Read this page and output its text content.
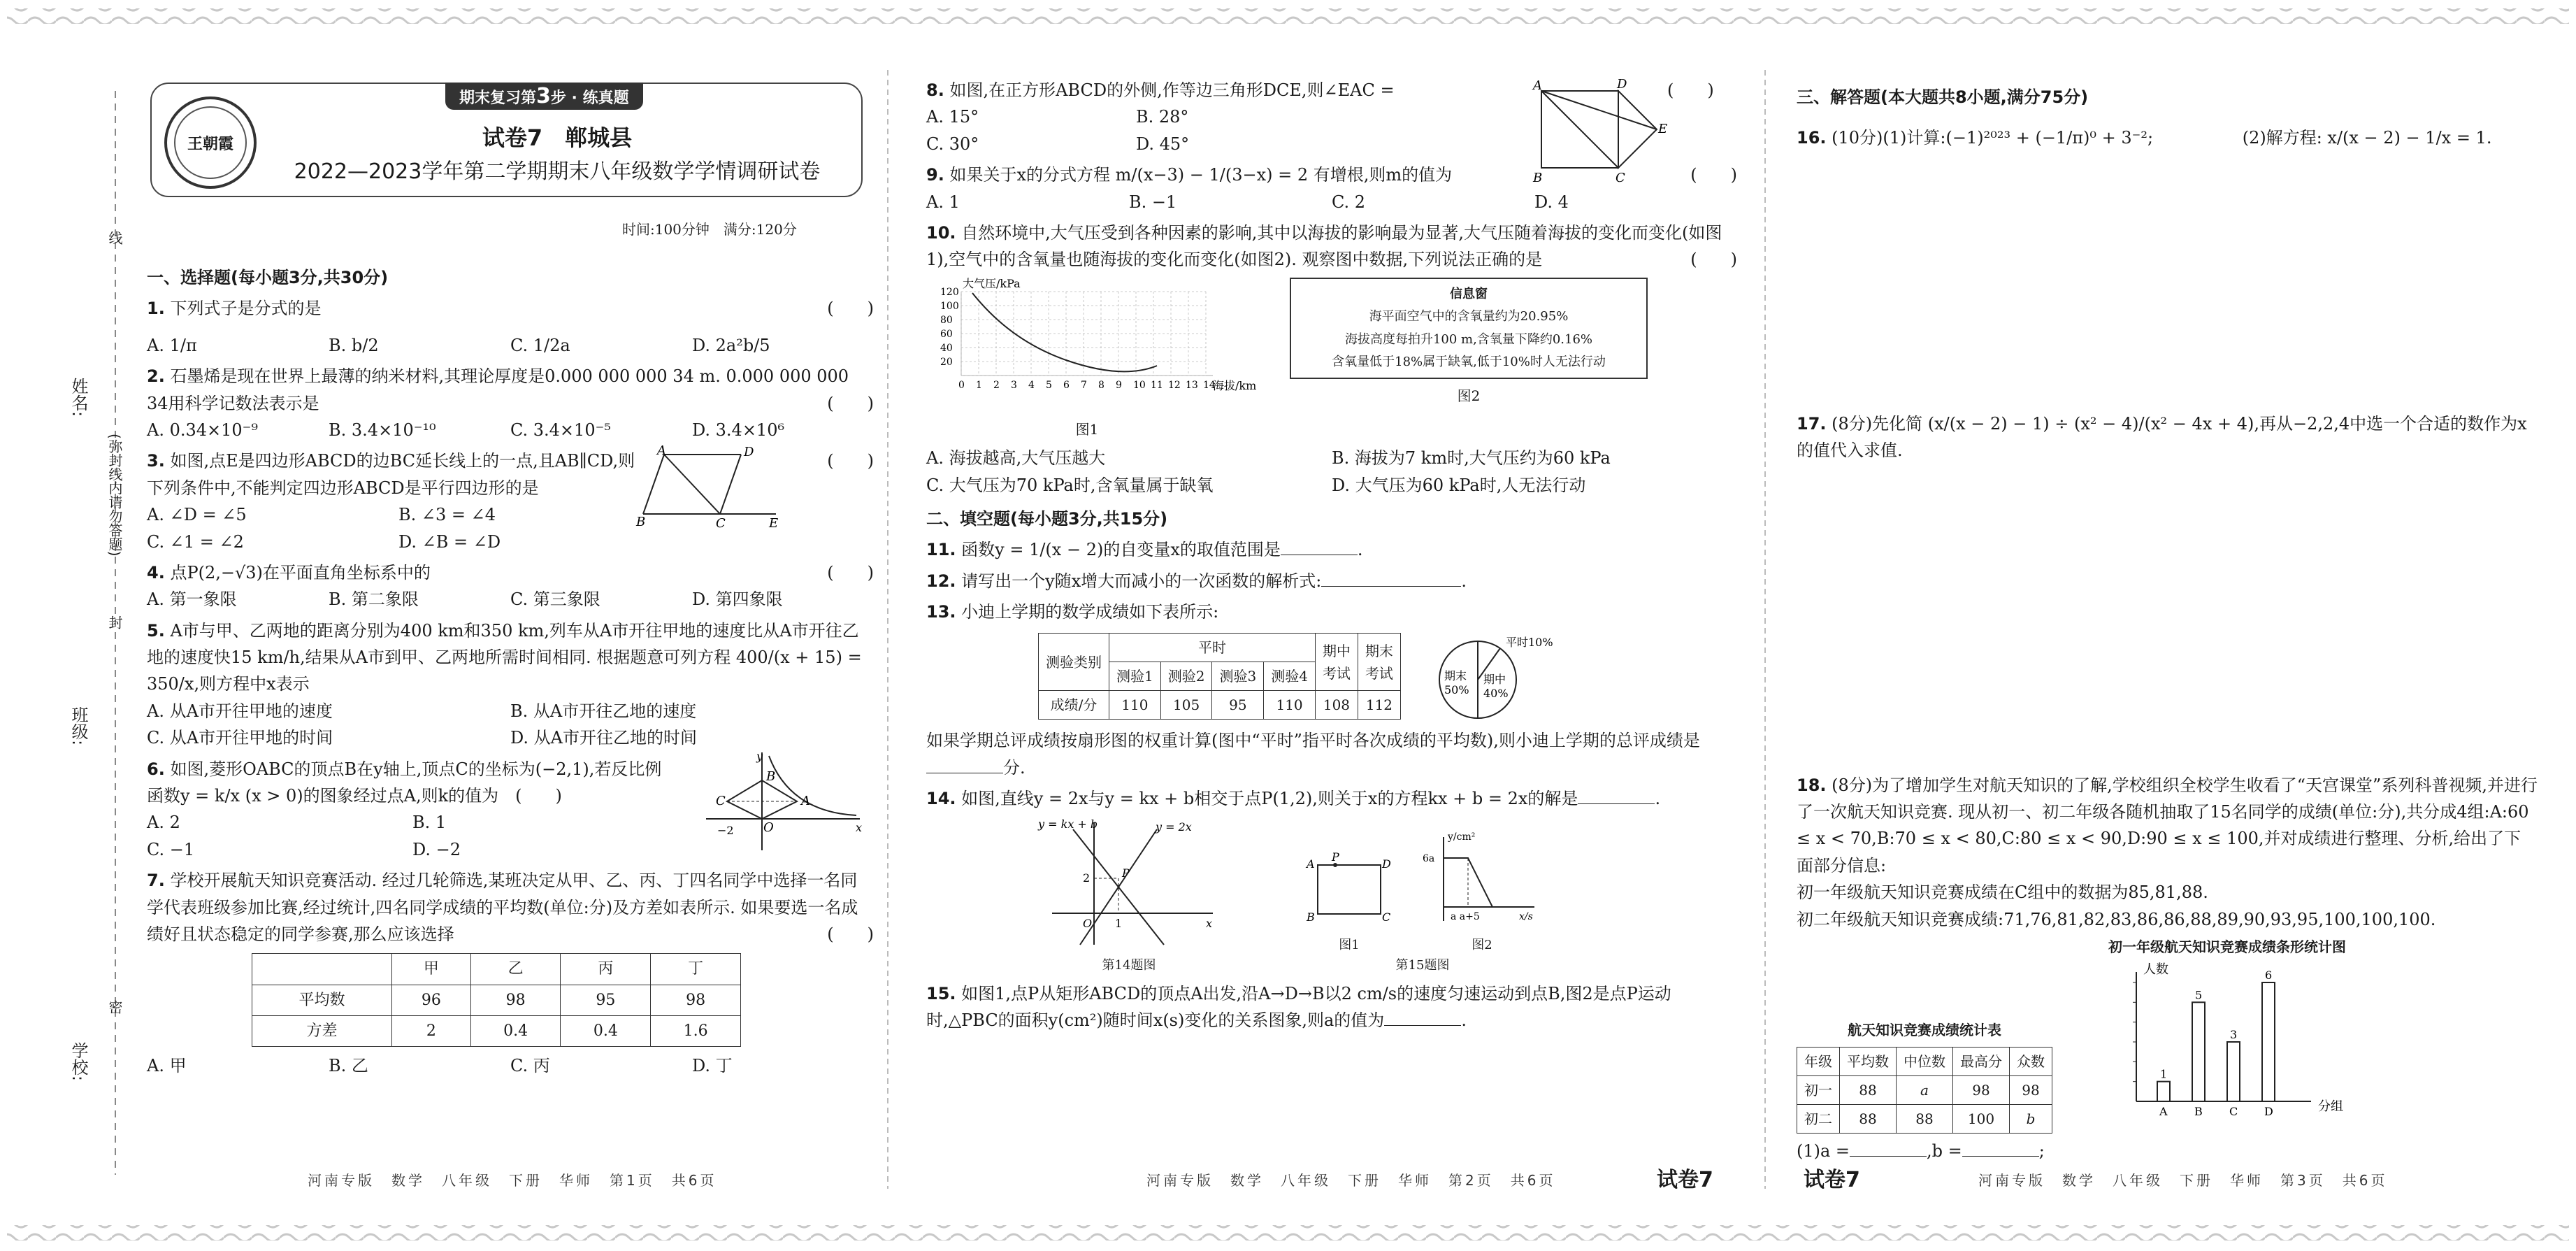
姓名:
班级:
学校:
(弥封线内请勿答题)
线
封
密
王朝霞
期末复习第3步 · 练真题
试卷7　郸城县
2022—2023学年第二学期期末八年级数学学情调研试卷
时间:100分钟　满分:120分
一、选择题(每小题3分,共30分)
1. 下列式子是分式的是	(　　)
A. 1/π	B. b/2	C. 1/2a	D. 2a²b/5
2. 石墨烯是现在世界上最薄的纳米材料,其理论厚度是0.000 000 000 34 m. 0.000 000 000 34用科学记数法表示是	(　　)
A. 0.34×10⁻⁹	B. 3.4×10⁻¹⁰	C. 3.4×10⁻⁵	D. 3.4×10⁶
3. 如图,点E是四边形ABCD的边BC延长线上的一点,且AB∥CD,则下列条件中,不能判定四边形ABCD是平行四边形的是
(　　)
A. ∠D = ∠5	B. ∠3 = ∠4
C. ∠1 = ∠2	D. ∠B = ∠D
A	D
B	C	E
4. 点P(2,−√3)在平面直角坐标系中的	(　　)
A. 第一象限	B. 第二象限	C. 第三象限	D. 第四象限
5. A市与甲、乙两地的距离分别为400 km和350 km,列车从A市开往甲地的速度比从A市开往乙地的速度快15 km/h,结果从A市到甲、乙两地所需时间相同. 根据题意可列方程 400/(x + 15) = 350/x,则方程中x表示
A. 从A市开往甲地的速度	B. 从A市开往乙地的速度
C. 从A市开往甲地的时间	D. 从A市开往乙地的时间
6. 如图,菱形OABC的顶点B在y轴上,顶点C的坐标为(−2,1),若反比例函数y = k/x (x > 0)的图象经过点A,则k的值为　 (　　)
A. 2	B. 1
C. −1	D. −2
C
B
A
O
−2
y
x
7. 学校开展航天知识竞赛活动. 经过几轮筛选,某班决定从甲、乙、丙、丁四名同学中选择一名同学代表班级参加比赛,经过统计,四名同学成绩的平均数(单位:分)及方差如表所示. 如果要选一名成绩好且状态稳定的同学参赛,那么应该选择	(　　)
	甲	乙	丙	丁
平均数	96	98	95	98
方差	2	0.4	0.4	1.6
A. 甲	B. 乙	C. 丙	D. 丁
8. 如图,在正方形ABCD的外侧,作等边三角形DCE,则∠EAC =	(　　)
A. 15°	B. 28°
C. 30°	D. 45°
A	D
B	C
E
9. 如果关于x的分式方程 m/(x−3) − 1/(3−x) = 2 有增根,则m的值为	(　　)
A. 1	B. −1	C. 2	D. 4
10. 自然环境中,大气压受到各种因素的影响,其中以海拔的影响最为显著,大气压随着海拔的变化而变化(如图1),空气中的含氧量也随海拔的变化而变化(如图2). 观察图中数据,下列说法正确的是	(　　)
大气压/kPa
海拔/km
0 1 2 3 4 5 6 7 8 9 10 11 12 13 14
20
40
60
80
100
120
图1
信息窗
海平面空气中的含氧量约为20.95%
海拔高度每拍升100 m,含氧量下降约0.16%
含氧量低于18%属于缺氧,低于10%时人无法行动
图2
A. 海拔越高,大气压越大	B. 海拔为7 km时,大气压约为60 kPa
C. 大气压为70 kPa时,含氧量属于缺氧	D. 大气压为60 kPa时,人无法行动
二、填空题(每小题3分,共15分)
11. 函数y = 1/(x − 2)的自变量x的取值范围是	.
12. 请写出一个y随x增大而减小的一次函数的解析式:	.
13. 小迪上学期的数学成绩如下表所示:
测验类别	平时				期中考试	期末考试
	测验1	测验2	测验3	测验4		
成绩/分	110	105	95	110	108	112
平时10%
期末
50%
期中
40%
如果学期总评成绩按扇形图的权重计算(图中“平时”指平时各次成绩的平均数),则小迪上学期的总评成绩是分.
14. 如图,直线y = 2x与y = kx + b相交于点P(1,2),则关于x的方程kx + b = 2x的解是	.
y = kx + b	y = 2x
P
2
1
O	x
第14题图
A
P
D
B	C
图1
y/cm²
6a
a a+5	x/s
图2
第15题图
15. 如图1,点P从矩形ABCD的顶点A出发,沿A→D→B以2 cm/s的速度匀速运动到点B,图2是点P运动时,△PBC的面积y(cm²)随时间x(s)变化的关系图象,则a的值为	.
三、解答题(本大题共8小题,满分75分)
16. (10分)(1)计算:(−1)²⁰²³ + (−1/π)⁰ + 3⁻²;	(2)解方程: x/(x − 2) − 1/x = 1.
17. (8分)先化简 (x/(x − 2) − 1) ÷ (x² − 4)/(x² − 4x + 4),再从−2,2,4中选一个合适的数作为x的值代入求值.
18. (8分)为了增加学生对航天知识的了解,学校组织全校学生收看了“天宫课堂”系列科普视频,并进行了一次航天知识竞赛. 现从初一、初二年级各随机抽取了15名同学的成绩(单位:分),共分成4组:A:60 ≤ x < 70,B:70 ≤ x < 80,C:80 ≤ x < 90,D:90 ≤ x ≤ 100,并对成绩进行整理、分析,给出了下面部分信息:
初一年级航天知识竞赛成绩在C组中的数据为85,81,88.
初二年级航天知识竞赛成绩:71,76,81,82,83,86,86,88,89,90,93,95,100,100,100.
航天知识竞赛成绩统计表
年级	平均数	中位数	最高分	众数
初一	88	a	98	98
初二	88	88	100	b
初一年级航天知识竞赛成绩条形统计图
人数
分组
1
A
5
B
3
C
6
D
(1)a =	,b =	;
河南专版　数学　八年级　下册　华师　第1页　共6页	河南专版　数学　八年级　下册　华师　第2页　共6页	试卷7	试卷7	河南专版　数学　八年级　下册　华师　第3页　共6页
